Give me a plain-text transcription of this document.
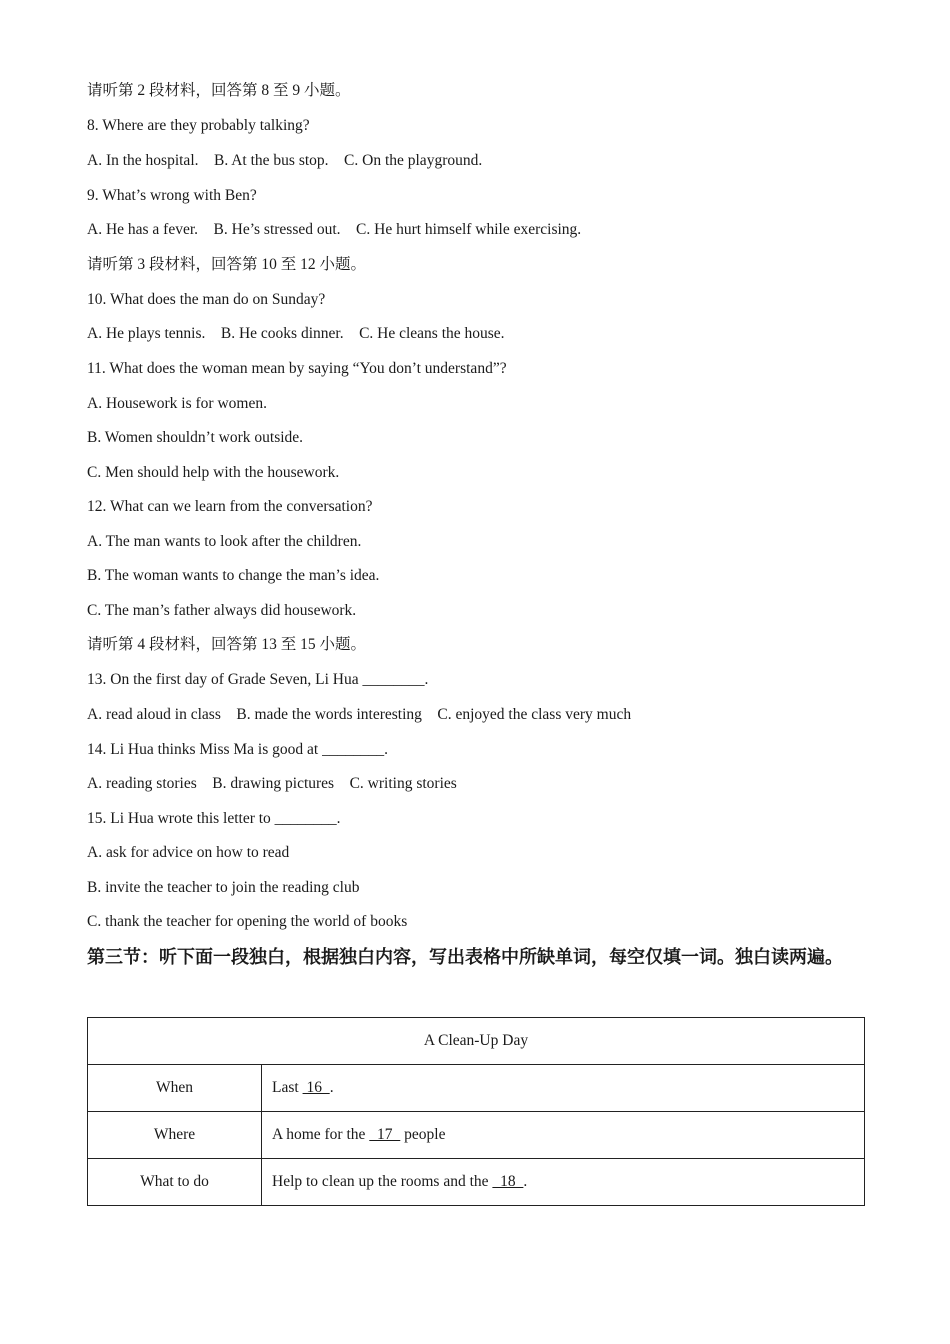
请听第 2 段材料，回答第 8 至 9 小题。

8. Where are they probably talking?

A. In the hospital.    B. At the bus stop.    C. On the playground.

9. What’s wrong with Ben?

A. He has a fever.    B. He’s stressed out.    C. He hurt himself while exercising.

请听第 3 段材料，回答第 10 至 12 小题。

10. What does the man do on Sunday?

A. He plays tennis.    B. He cooks dinner.    C. He cleans the house.

11. What does the woman mean by saying “You don’t understand”?

A. Housework is for women.

B. Women shouldn’t work outside.

C. Men should help with the housework.

12. What can we learn from the conversation?

A. The man wants to look after the children.

B. The woman wants to change the man’s idea.

C. The man’s father always did housework.

请听第 4 段材料，回答第 13 至 15 小题。

13. On the first day of Grade Seven, Li Hua ________.

A. read aloud in class    B. made the words interesting    C. enjoyed the class very much

14. Li Hua thinks Miss Ma is good at ________.

A. reading stories    B. drawing pictures    C. writing stories

15. Li Hua wrote this letter to ________.

A. ask for advice on how to read

B. invite the teacher to join the reading club

C. thank the teacher for opening the world of books

第三节：听下面一段独白，根据独白内容，写出表格中所缺单词，每空仅填一词。独白读两遍。

A Clean-Up Day	
When	Last  16  .
Where	A home for the   17   people
What to do	Help to clean up the rooms and the   18  .
